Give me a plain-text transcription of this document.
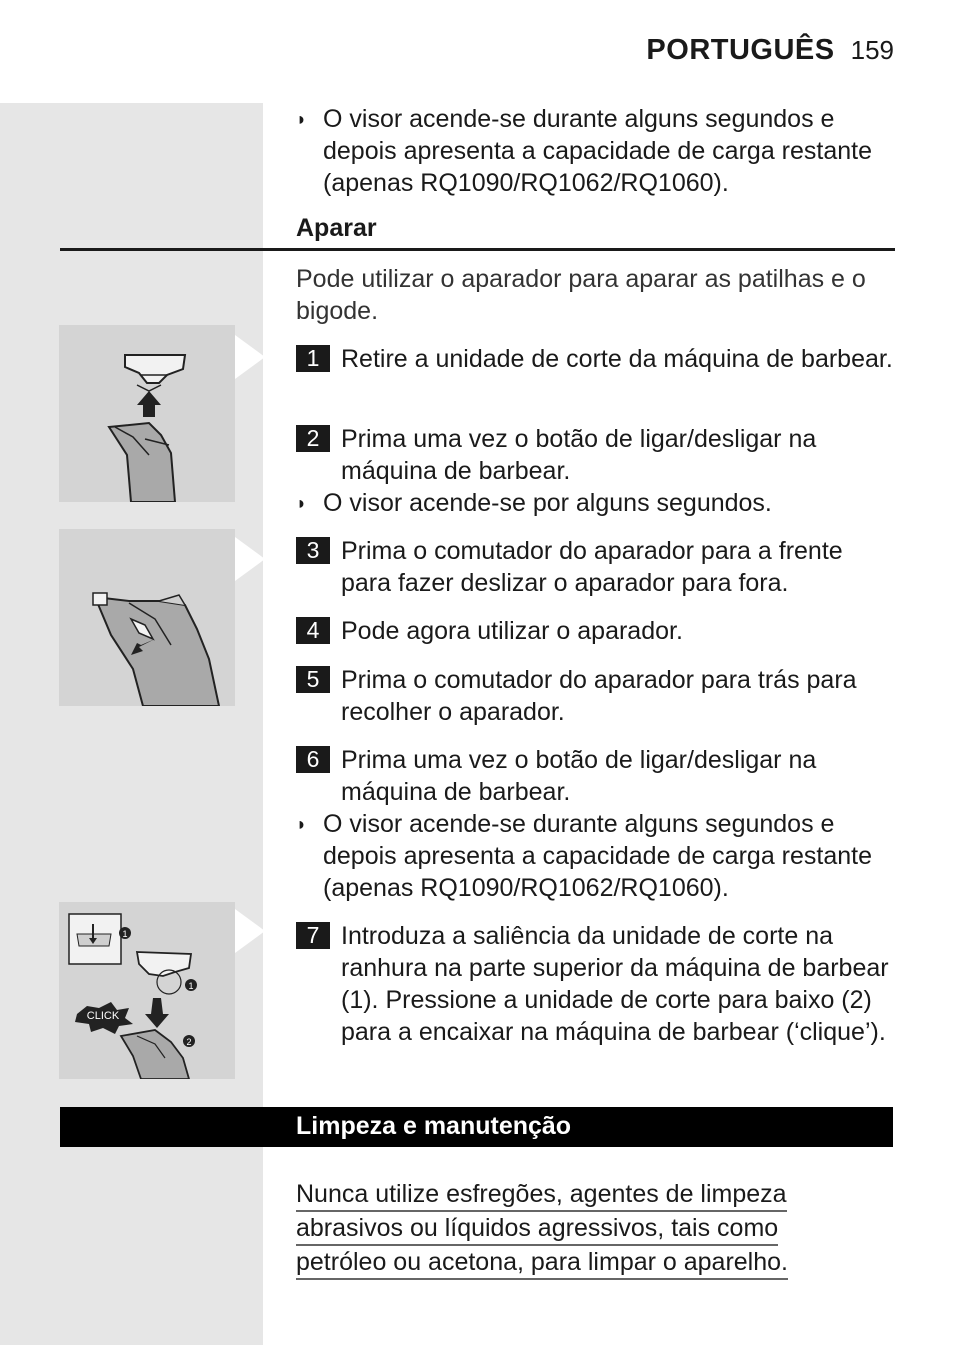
PORTUGUÊS 159
◗ O visor acende-se durante alguns segundos e depois apresenta a capacidade de carga restante (apenas RQ1090/RQ1062/RQ1060).
Aparar
Pode utilizar o aparador para aparar as patilhas e o bigode.
1 Retire a unidade de corte da máquina de barbear.
2 Prima uma vez o botão de ligar/desligar na máquina de barbear.
◗ O visor acende-se por alguns segundos.
3 Prima o comutador do aparador para a frente para fazer deslizar o aparador para fora.
4 Pode agora utilizar o aparador.
5 Prima o comutador do aparador para trás para recolher o aparador.
6 Prima uma vez o botão de ligar/desligar na máquina de barbear.
◗ O visor acende-se durante alguns segundos e depois apresenta a capacidade de carga restante (apenas RQ1090/RQ1062/RQ1060).
7 Introduza a saliência da unidade de corte na ranhura na parte superior da máquina de barbear (1). Pressione a unidade de corte para baixo (2) para a encaixar na máquina de barbear (‘clique’).
1
1
CLICK
2
Limpeza e manutenção
Nunca utilize esfregões, agentes de limpeza
abrasivos ou líquidos agressivos, tais como
petróleo ou acetona, para limpar o aparelho.
